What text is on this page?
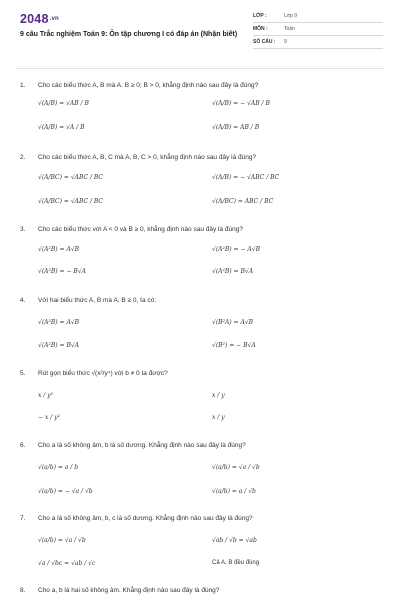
$2048^{.vn}$
9 câu Trắc nghiệm Toán 9: Ôn tập chương I có đáp án (Nhận biết)
LỚP :	Lớp 9
MÔN :	Toán
SỐ CÂU : 9
1. Cho các biểu thức A, B mà A. B ≥ 0; B > 0, khẳng định nào sau đây là đúng?
√(A/B) = √AB / B	√(A/B) = − √AB / B
√(A/B) = √A / B	√(A/B) = AB / B
2. Cho các biểu thức A, B, C mà A, B, C > 0, khẳng định nào sau đây là đúng?
√(A/BC) = √ABC / BC	√(A/B) = − √ABC / BC
√(A/BC) = √ABC / BC	√(A/BC) = ABC / BC
3. Cho các biểu thức với A < 0 và B ≥ 0, khẳng định nào sau đây là đúng?
√(A²B) = A√B	√(A²B) = − A√B
√(A²B) = − B√A	√(A²B) = B√A
4. Với hai biểu thức A, B mà A, B ≥ 0, ta có:
√(A²B) = A√B	√(B²A) = A√B
√(A²B) = B√A	√(B²) = − B√A
5. Rút gọn biểu thức √(x²/y⁴) với b ≠ 0 ta được?
x / y²	x / y
− x / y²	x / y
6. Cho a là số không âm, b là số dương. Khẳng định nào sau đây là đúng?
√(a/b) = a / b	√(a/b) = √a / √b
√(a/b) = − √a / √b	√(a/b) = a / √b
7. Cho a là số không âm, b, c là số dương. Khẳng định nào sau đây là đúng?
√(a/b) = √a / √b	√ab / √b = √ab
√a / √bc = √ab / √c	Cả A, B đều đúng
8. Cho a, b là hai số không âm. Khẳng định nào sau đây là đúng?
